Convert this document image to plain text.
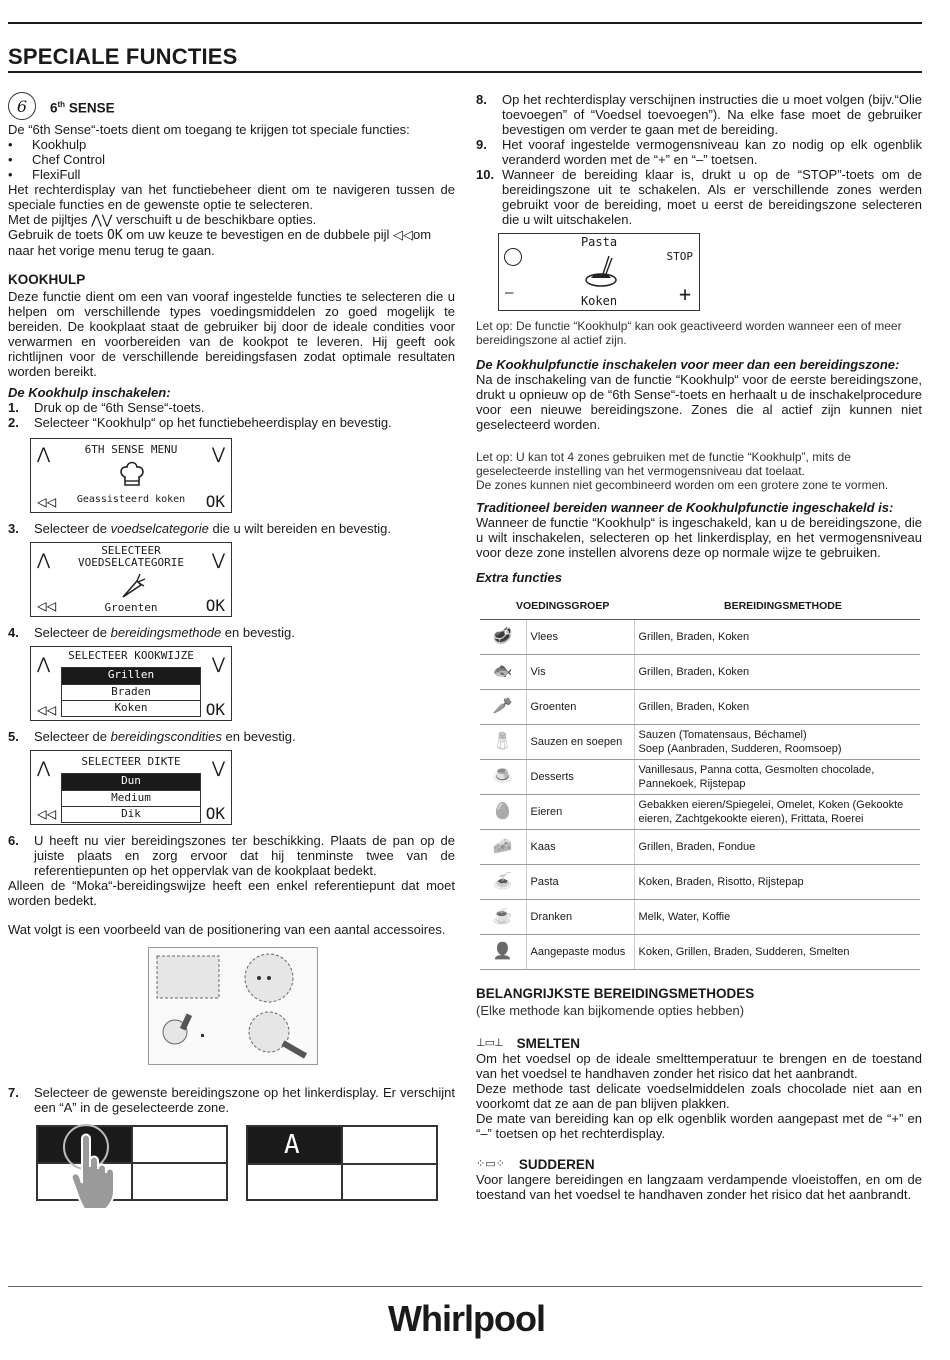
SPECIALE FUNCTIES
6	6th SENSE

De “6th Sense“-toets dient om toegang te krijgen tot speciale functies:

• Kookhulp
• Chef Control
• FlexiFull

Het rechterdisplay van het functiebeheer dient om te navigeren tussen de speciale functies en de gewenste optie te selecteren.

Met de pijltjes ⋀⋁ verschuift u de beschikbare opties.

Gebruik de toets OK om uw keuze te bevestigen en de dubbele pijl ◁◁om naar het vorige menu terug te gaan.

KOOKHULP

Deze functie dient om een van vooraf ingestelde functies te selecteren die u helpen om verschillende types voedingsmiddelen zo goed mogelijk te bereiden. De kookplaat staat de gebruiker bij door de ideale condities voor verwarmen en voorbereiden van de kookpot te leveren. Hij geeft ook richtlijnen voor de verschillende bereidingsfasen zodat optimale resultaten worden bereikt.

De Kookhulp inschakelen:

1.	Druk op de “6th Sense“-toets.
2.	Selecteer “Kookhulp“ op het functiebeheerdisplay en bevestig.
⋀	⋁
6TH SENSE MENU
◁◁	OK
Geassisteerd koken
3.	Selecteer de voedselcategorie die u wilt bereiden en bevestig.
⋀	⋁
SELECTEER
VOEDSELCATEGORIE
◁◁	OK
Groenten
4.	Selecteer de bereidingsmethode en bevestig.
SELECTEER KOOKWIJZE
⋀	⋁
Grillen
Braden
Koken
◁◁	OK
5.	Selecteer de bereidingscondities en bevestig.
SELECTEER DIKTE
⋀	⋁
Dun
Medium
Dik
◁◁	OK
6.	U heeft nu vier bereidingszones ter beschikking. Plaats de pan op de juiste plaats en zorg ervoor dat hij tenminste twee van de referentiepunten op het oppervlak van de kookplaat bedekt.

Alleen de “Moka“-bereidingswijze heeft een enkel referentiepunt dat moet worden bedekt.

Wat volgt is een voorbeeld van de positionering van een aantal accessoires.

7.	Selecteer de gewenste bereidingszone op het linkerdisplay. Er verschijnt een “A” in de geselecteerde zone.
A
8.	Op het rechterdisplay verschijnen instructies die u moet volgen (bijv.“Olie toevoegen” of “Voedsel toevoegen”). Na elke fase moet de gebruiker bevestigen om verder te gaan met de bereiding.
9.	Het vooraf ingestelde vermogensniveau kan zo nodig op elk ogenblik veranderd worden met de “+” en “–” toetsen.
10. Wanneer de bereiding klaar is, drukt u op de “STOP”-toets om de bereidingszone uit te schakelen. Als er verschillende zones werden gebruikt voor de bereiding, moet u eerst de bereidingszone selecteren die u wilt uitschakelen.
Pasta
STOP
—	+
Koken

Let op: De functie “Kookhulp“ kan ook geactiveerd worden wanneer een of meer bereidingszone al actief zijn.

De Kookhulpfunctie inschakelen voor meer dan een bereidingszone:

Na de inschakeling van de functie “Kookhulp“ voor de eerste bereidingszone, drukt u opnieuw op de “6th Sense“-toets en herhaalt u de inschakelprocedure voor een nieuwe bereidingszone. Zones die al actief zijn kunnen niet geselecteerd worden.

Let op: U kan tot 4 zones gebruiken met de functie “Kookhulp”, mits de geselecteerde instelling van het vermogensniveau dat toelaat.

De zones kunnen niet gecombineerd worden om een grotere zone te vormen.

Traditioneel bereiden wanneer de Kookhulpfunctie ingeschakeld is:

Wanneer de functie “Kookhulp“ is ingeschakeld, kan u de bereidingszone, die u wilt inschakelen, selecteren op het linkerdisplay, en het vermogensniveau voor deze zone instellen alvorens deze op normale wijze te gebruiken.

Extra functies

VOEDINGSGROEP		BEREIDINGSMETHODE
🥩	Vlees	Grillen, Braden, Koken
🐟	Vis	Grillen, Braden, Koken
🥕	Groenten	Grillen, Braden, Koken
🧂	Sauzen en soepen	Sauzen (Tomatensaus, Béchamel)
Soep (Aanbraden, Sudderen, Roomsoep)
🍮	Desserts	Vanillesaus, Panna cotta, Gesmolten chocolade, Pannekoek, Rijstepap
🥚	Eieren	Gebakken eieren/Spiegelei, Omelet, Koken (Gekookte eieren, Zachtgekookte eieren), Frittata, Roerei
🧀	Kaas	Grillen, Braden, Fondue
🍝	Pasta	Koken, Braden, Risotto, Rijstepap
☕	Dranken	Melk, Water, Koffie
👤	Aangepaste modus	Koken, Grillen, Braden, Sudderen, Smelten

BELANGRIJKSTE BEREIDINGSMETHODES

(Elke methode kan bijkomende opties hebben)

⊥▭⊥ SMELTEN

Om het voedsel op de ideale smelttemperatuur te brengen en de toestand van het voedsel te handhaven zonder het risico dat het aanbrandt.
Deze methode tast delicate voedselmiddelen zoals chocolade niet aan en voorkomt dat ze aan de pan blijven plakken.
De mate van bereiding kan op elk ogenblik worden aangepast met de “+” en “–” toetsen op het rechterdisplay.

⁘▭⁘ SUDDEREN

Voor langere bereidingen en langzaam verdampende vloeistoffen, en om de toestand van het voedsel te handhaven zonder het risico dat het aanbrandt.

Whirlpool
